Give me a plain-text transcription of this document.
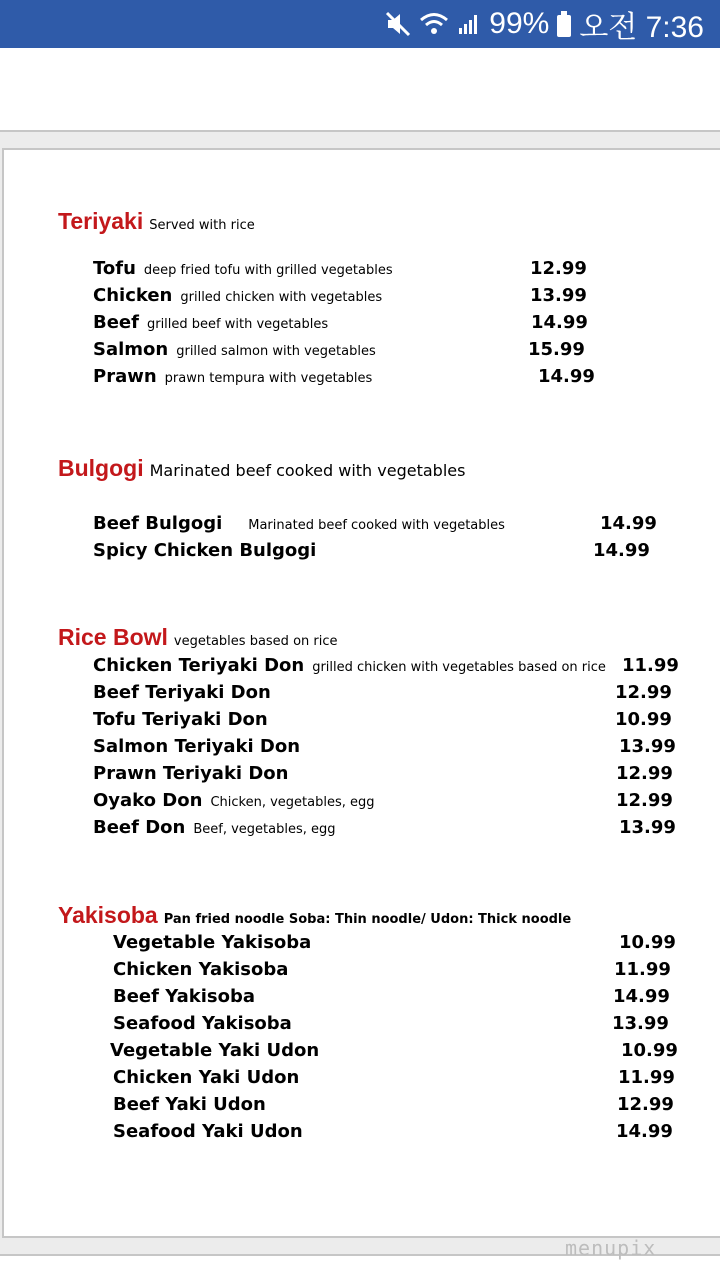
99% 오전 7:36
Teriyaki Served with rice
Tofu deep fried tofu with grilled vegetables	12.99
Chicken grilled chicken with vegetables	13.99
Beef grilled beef with vegetables	14.99
Salmon grilled salmon with vegetables	15.99
Prawn prawn tempura with vegetables	14.99
Bulgogi Marinated beef cooked with vegetables
Beef Bulgogi Marinated beef cooked with vegetables	14.99
Spicy Chicken Bulgogi	14.99
Rice Bowl vegetables based on rice
Chicken Teriyaki Don grilled chicken with vegetables based on rice 11.99
Beef Teriyaki Don	12.99
Tofu Teriyaki Don	10.99
Salmon Teriyaki Don	13.99
Prawn Teriyaki Don	12.99
Oyako Don Chicken, vegetables, egg	12.99
Beef Don Beef, vegetables, egg	13.99
Yakisoba Pan fried noodle Soba: Thin noodle/ Udon: Thick noodle
Vegetable Yakisoba	10.99
Chicken Yakisoba	11.99
Beef Yakisoba	14.99
Seafood Yakisoba	13.99
Vegetable Yaki Udon	10.99
Chicken Yaki Udon	11.99
Beef Yaki Udon	12.99
Seafood Yaki Udon	14.99
menupix
